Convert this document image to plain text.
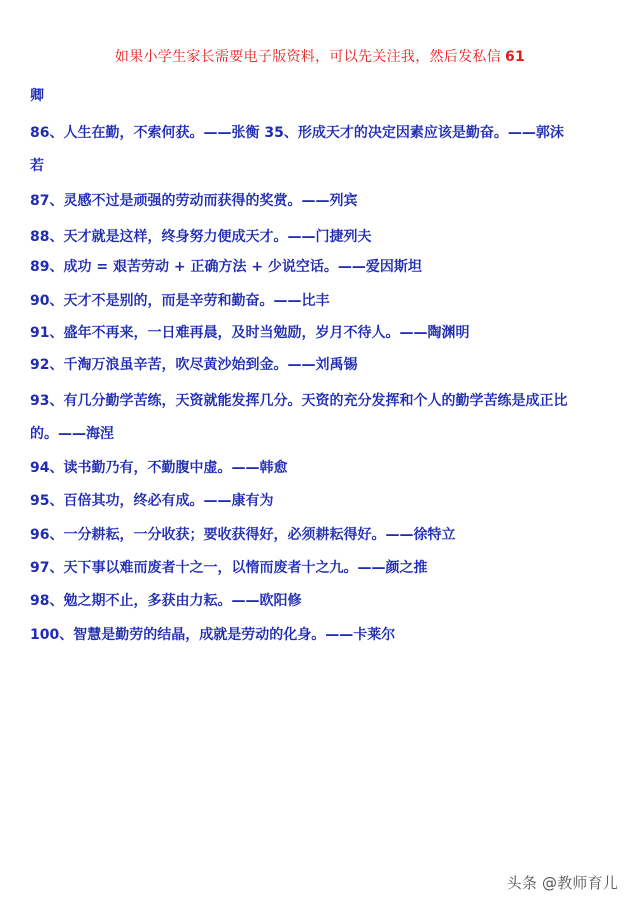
如果小学生家长需要电子版资料，可以先关注我，然后发私信 61
卿
86、人生在勤，不索何获。——张衡 35、形成天才的决定因素应该是勤奋。——郭沫
若
87、灵感不过是顽强的劳动而获得的奖赏。——列宾
88、天才就是这样，终身努力便成天才。——门捷列夫
89、成功 = 艰苦劳动 + 正确方法 + 少说空话。——爱因斯坦
90、天才不是别的，而是辛劳和勤奋。——比丰
91、盛年不再来，一日难再晨，及时当勉励，岁月不待人。——陶渊明
92、千淘万浪虽辛苦，吹尽黄沙始到金。——刘禹锡
93、有几分勤学苦练，天资就能发挥几分。天资的充分发挥和个人的勤学苦练是成正比
的。——海涅
94、读书勤乃有，不勤腹中虚。——韩愈
95、百倍其功，终必有成。——康有为
96、一分耕耘，一分收获；要收获得好，必须耕耘得好。——徐特立
97、天下事以难而废者十之一，以惰而废者十之九。——颜之推
98、勉之期不止，多获由力耘。——欧阳修
100、智慧是勤劳的结晶，成就是劳动的化身。——卡莱尔
头条 @教师育儿
